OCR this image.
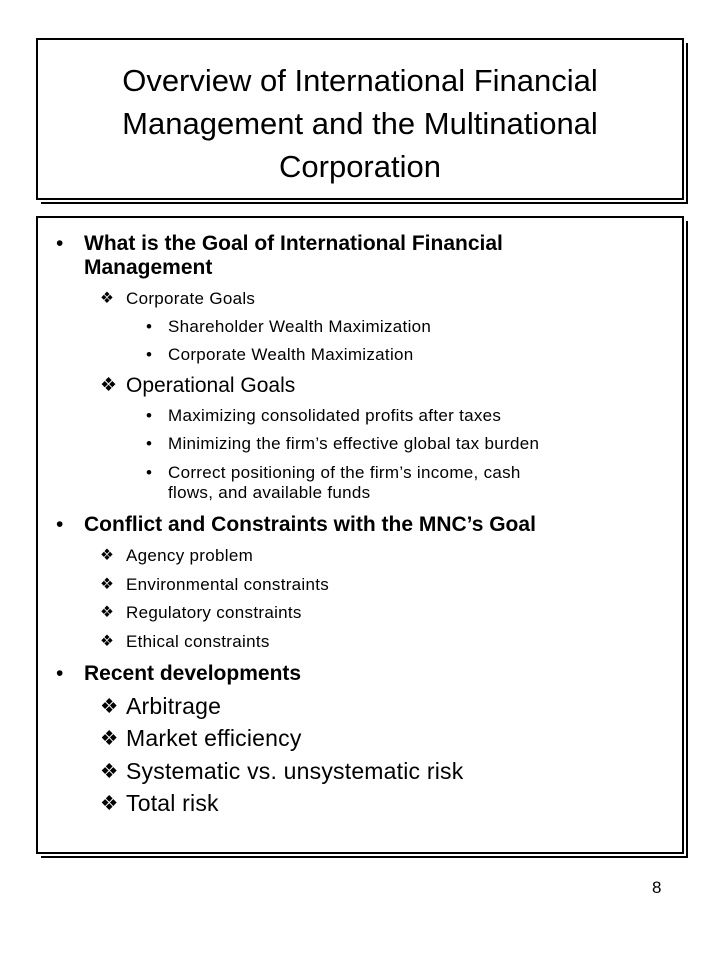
Overview of International Financial Management and the Multinational Corporation
• What is the Goal of International Financial
Management
❖ Corporate Goals
• Shareholder Wealth Maximization
• Corporate Wealth Maximization
❖ Operational Goals
• Maximizing consolidated profits after taxes
• Minimizing the firm’s effective global tax burden
• Correct positioning of the firm’s income, cash
flows, and available funds
• Conflict and Constraints with the MNC’s Goal
❖ Agency problem
❖ Environmental constraints
❖ Regulatory constraints
❖ Ethical constraints
• Recent developments
❖ Arbitrage
❖ Market efficiency
❖ Systematic vs. unsystematic risk
❖ Total risk
8
